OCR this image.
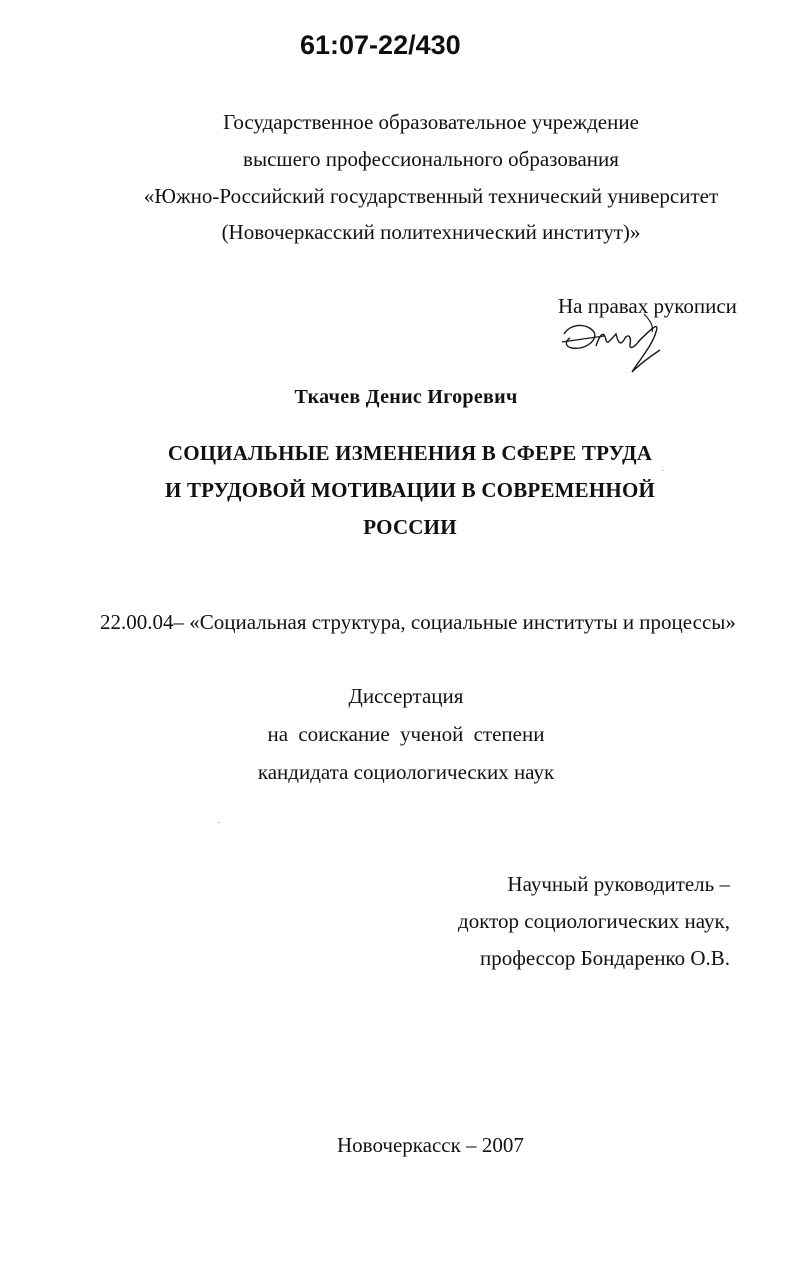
61:07-22/430
Государственное образовательное учреждение
высшего профессионального образования
«Южно-Российский государственный технический университет
(Новочеркасский политехнический институт)»
На правах рукописи
Ткачев Денис Игоревич
СОЦИАЛЬНЫЕ ИЗМЕНЕНИЯ В СФЕРЕ ТРУДА
И ТРУДОВОЙ МОТИВАЦИИ В СОВРЕМЕННОЙ
РОССИИ
22.00.04– «Социальная структура, социальные институты и процессы»
Диссертация
на соискание ученой степени
кандидата социологических наук
Научный руководитель –
доктор социологических наук,
профессор Бондаренко О.В.
Новочеркасск – 2007
